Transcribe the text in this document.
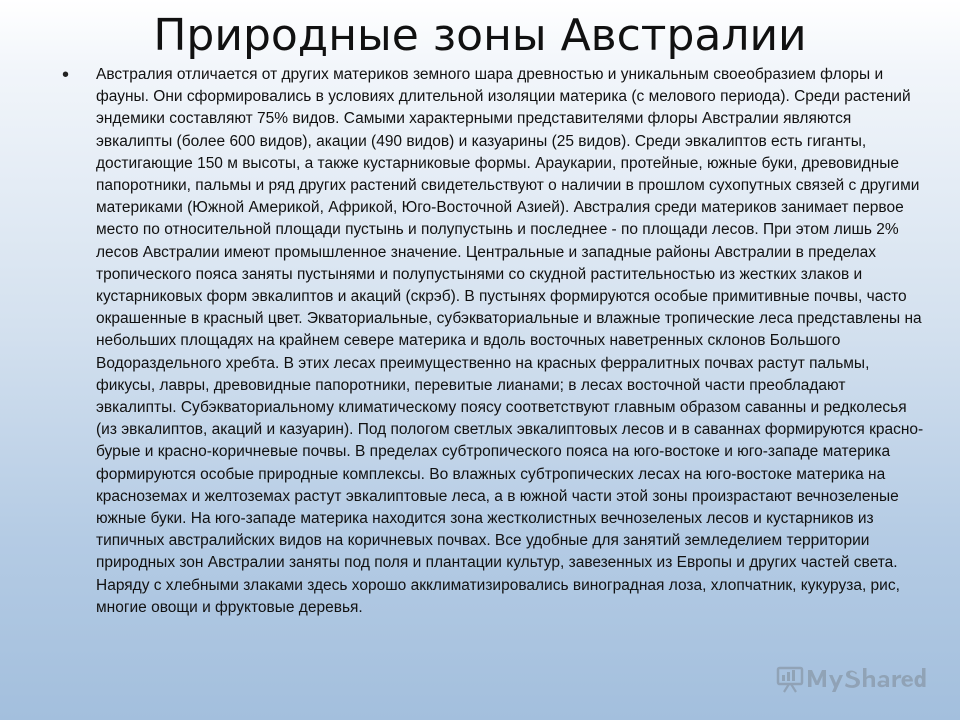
Природные зоны Австралии
• Австралия отличается от других материков земного шара древностью и уникальным своеобразием флоры и фауны. Они сформировались в условиях длительной изоляции материка (с мелового периода). Среди растений эндемики составляют 75% видов. Самыми характерными представителями флоры Австралии являются эвкалипты (более 600 видов), акации (490 видов) и казуарины (25 видов). Среди эвкалиптов есть гиганты, достигающие 150 м высоты, а также кустарниковые формы. Араукарии, протейные, южные буки, древовидные папоротники, пальмы и ряд других растений свидетельствуют о наличии в прошлом сухопутных связей с другими материками (Южной Америкой, Африкой, Юго-Восточной Азией). Австралия среди материков занимает первое место по относительной площади пустынь и полупустынь и последнее - по площади лесов. При этом лишь 2% лесов Австралии имеют промышленное значение. Центральные и западные районы Австралии в пределах тропического пояса заняты пустынями и полупустынями со скудной растительностью из жестких злаков и кустарниковых форм эвкалиптов и акаций (скрэб). В пустынях формируются особые примитивные почвы, часто окрашенные в красный цвет. Экваториальные, субэкваториальные и влажные тропические леса представлены на небольших площадях на крайнем севере материка и вдоль восточных наветренных склонов Большого Водораздельного хребта. В этих лесах преимущественно на красных ферралитных почвах растут пальмы, фикусы, лавры, древовидные папоротники, перевитые лианами; в лесах восточной части преобладают эвкалипты. Субэкваториальному климатическому поясу соответствуют главным образом саванны и редколесья (из эвкалиптов, акаций и казуарин). Под пологом светлых эвкалиптовых лесов и в саваннах формируются красно-бурые и красно-коричневые почвы. В пределах субтропического пояса на юго-востоке и юго-западе материка формируются особые природные комплексы. Во влажных субтропических лесах на юго-востоке материка на красноземах и желтоземах растут эвкалиптовые леса, а в южной части этой зоны произрастают вечнозеленые южные буки. На юго-западе материка находится зона жестколистных вечнозеленых лесов и кустарников из типичных австралийских видов на коричневых почвах. Все удобные для занятий земледелием территории природных зон Австралии заняты под поля и плантации культур, завезенных из Европы и других частей света. Наряду с хлебными злаками здесь хорошо акклиматизировались виноградная лоза, хлопчатник, кукуруза, рис, многие овощи и фруктовые деревья.
